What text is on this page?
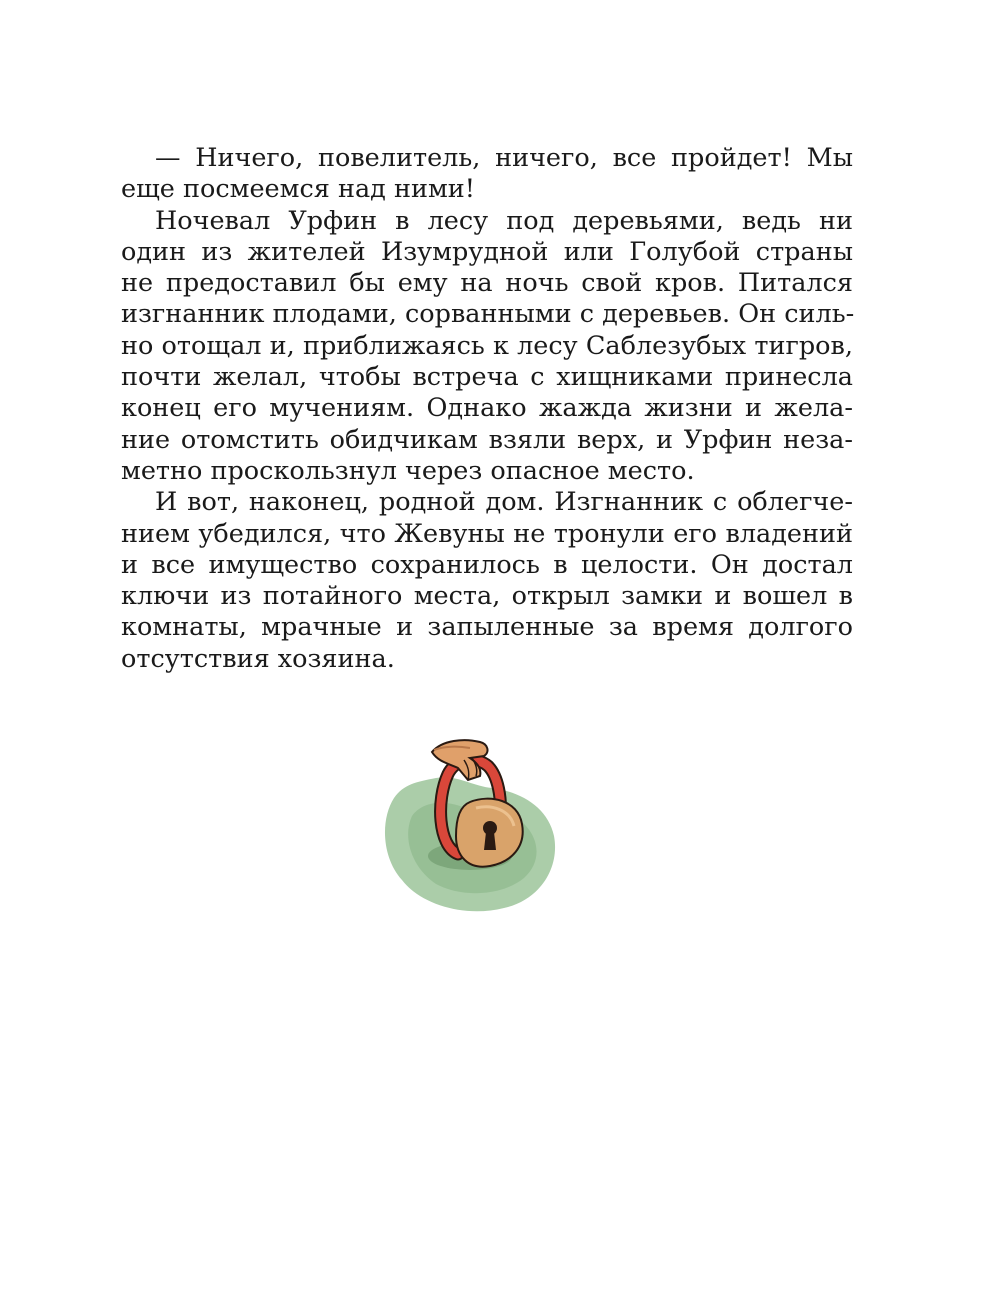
— Ничего, повелитель, ничего, все пройдет! Мы
еще посмеемся над ними!
Ночевал Урфин в лесу под деревьями, ведь ни
один из жителей Изумрудной или Голубой страны
не предоставил бы ему на ночь свой кров. Питался
изгнанник плодами, сорванными с деревьев. Он силь-
но отощал и, приближаясь к лесу Саблезубых тигров,
почти желал, чтобы встреча с хищниками принесла
конец его мучениям. Однако жажда жизни и жела-
ние отомстить обидчикам взяли верх, и Урфин неза-
метно проскользнул через опасное место.
И вот, наконец, родной дом. Изгнанник с облегче-
нием убедился, что Жевуны не тронули его владений
и все имущество сохранилось в целости. Он достал
ключи из потайного места, открыл замки и вошел в
комнаты, мрачные и запыленные за время долгого
отсутствия хозяина.
